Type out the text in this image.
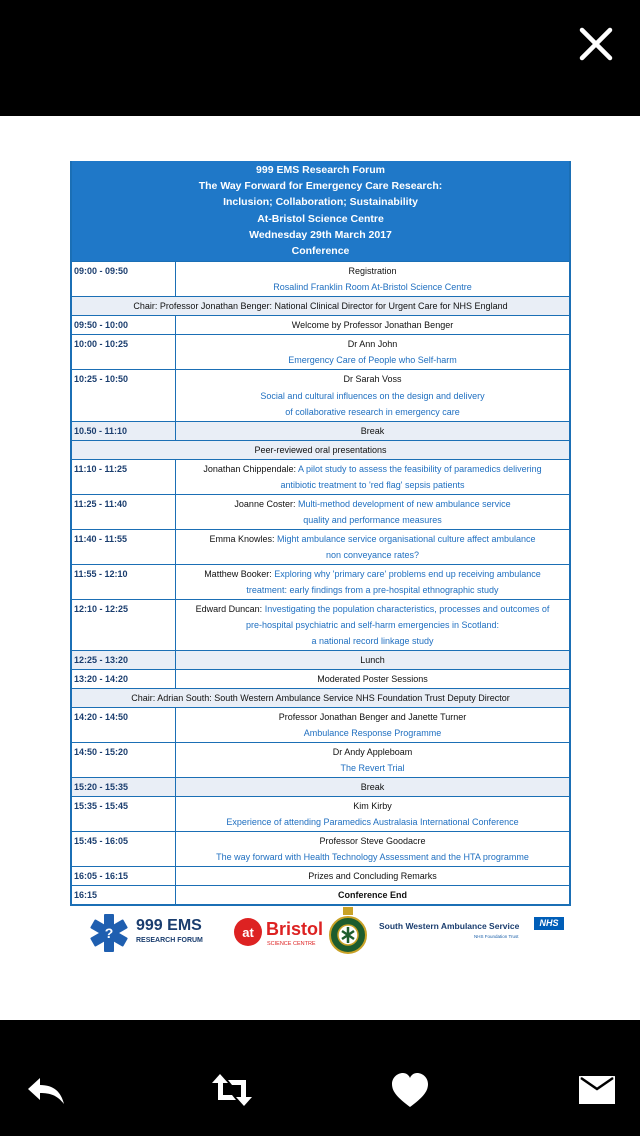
999 EMS Research Forum
The Way Forward for Emergency Care Research:
Inclusion; Collaboration; Sustainability
At-Bristol Science Centre
Wednesday 29th March 2017
Conference
09:00 - 09:50	Registration
Rosalind Franklin Room At-Bristol Science Centre
Chair: Professor Jonathan Benger: National Clinical Director for Urgent Care for NHS England
09:50 - 10:00	Welcome by Professor Jonathan Benger
10:00 - 10:25	Dr Ann John
Emergency Care of People who Self-harm
10:25 - 10:50	Dr Sarah Voss

Social and cultural influences on the design and delivery
of collaborative research in emergency care
10.50 - 11:10	Break
Peer-reviewed oral presentations
11:10 - 11:25	Jonathan Chippendale: A pilot study to assess the feasibility of paramedics delivering
antibiotic treatment to 'red flag' sepsis patients
11:25 - 11:40	Joanne Coster: Multi-method development of new ambulance service
quality and performance measures
11:40 - 11:55	Emma Knowles: Might ambulance service organisational culture affect ambulance
non conveyance rates?
11:55 - 12:10	Matthew Booker: Exploring why 'primary care' problems end up receiving ambulance
treatment: early findings from a pre-hospital ethnographic study
12:10 - 12:25	Edward Duncan: Investigating the population characteristics, processes and outcomes of
pre-hospital psychiatric and self-harm emergencies in Scotland:
a national record linkage study
12:25 - 13:20	Lunch
13:20 - 14:20	Moderated Poster Sessions
Chair: Adrian South: South Western Ambulance Service NHS Foundation Trust Deputy Director
14:20 - 14:50	Professor Jonathan Benger and Janette Turner
Ambulance Response Programme
14:50 - 15:20	Dr Andy Appleboam
The Revert Trial
15:20 - 15:35	Break
15:35 - 15:45	Kim Kirby
Experience of attending Paramedics Australasia International Conference
15:45 - 16:05	Professor Steve Goodacre
The way forward with Health Technology Assessment and the HTA programme
16:05 - 16:15	Prizes and Concluding Remarks
16:15	Conference End
? 999 EMS
RESEARCH FORUM
at Bristol
SCIENCE CENTRE
South Western Ambulance Service	NHS
NHS Foundation Trust
